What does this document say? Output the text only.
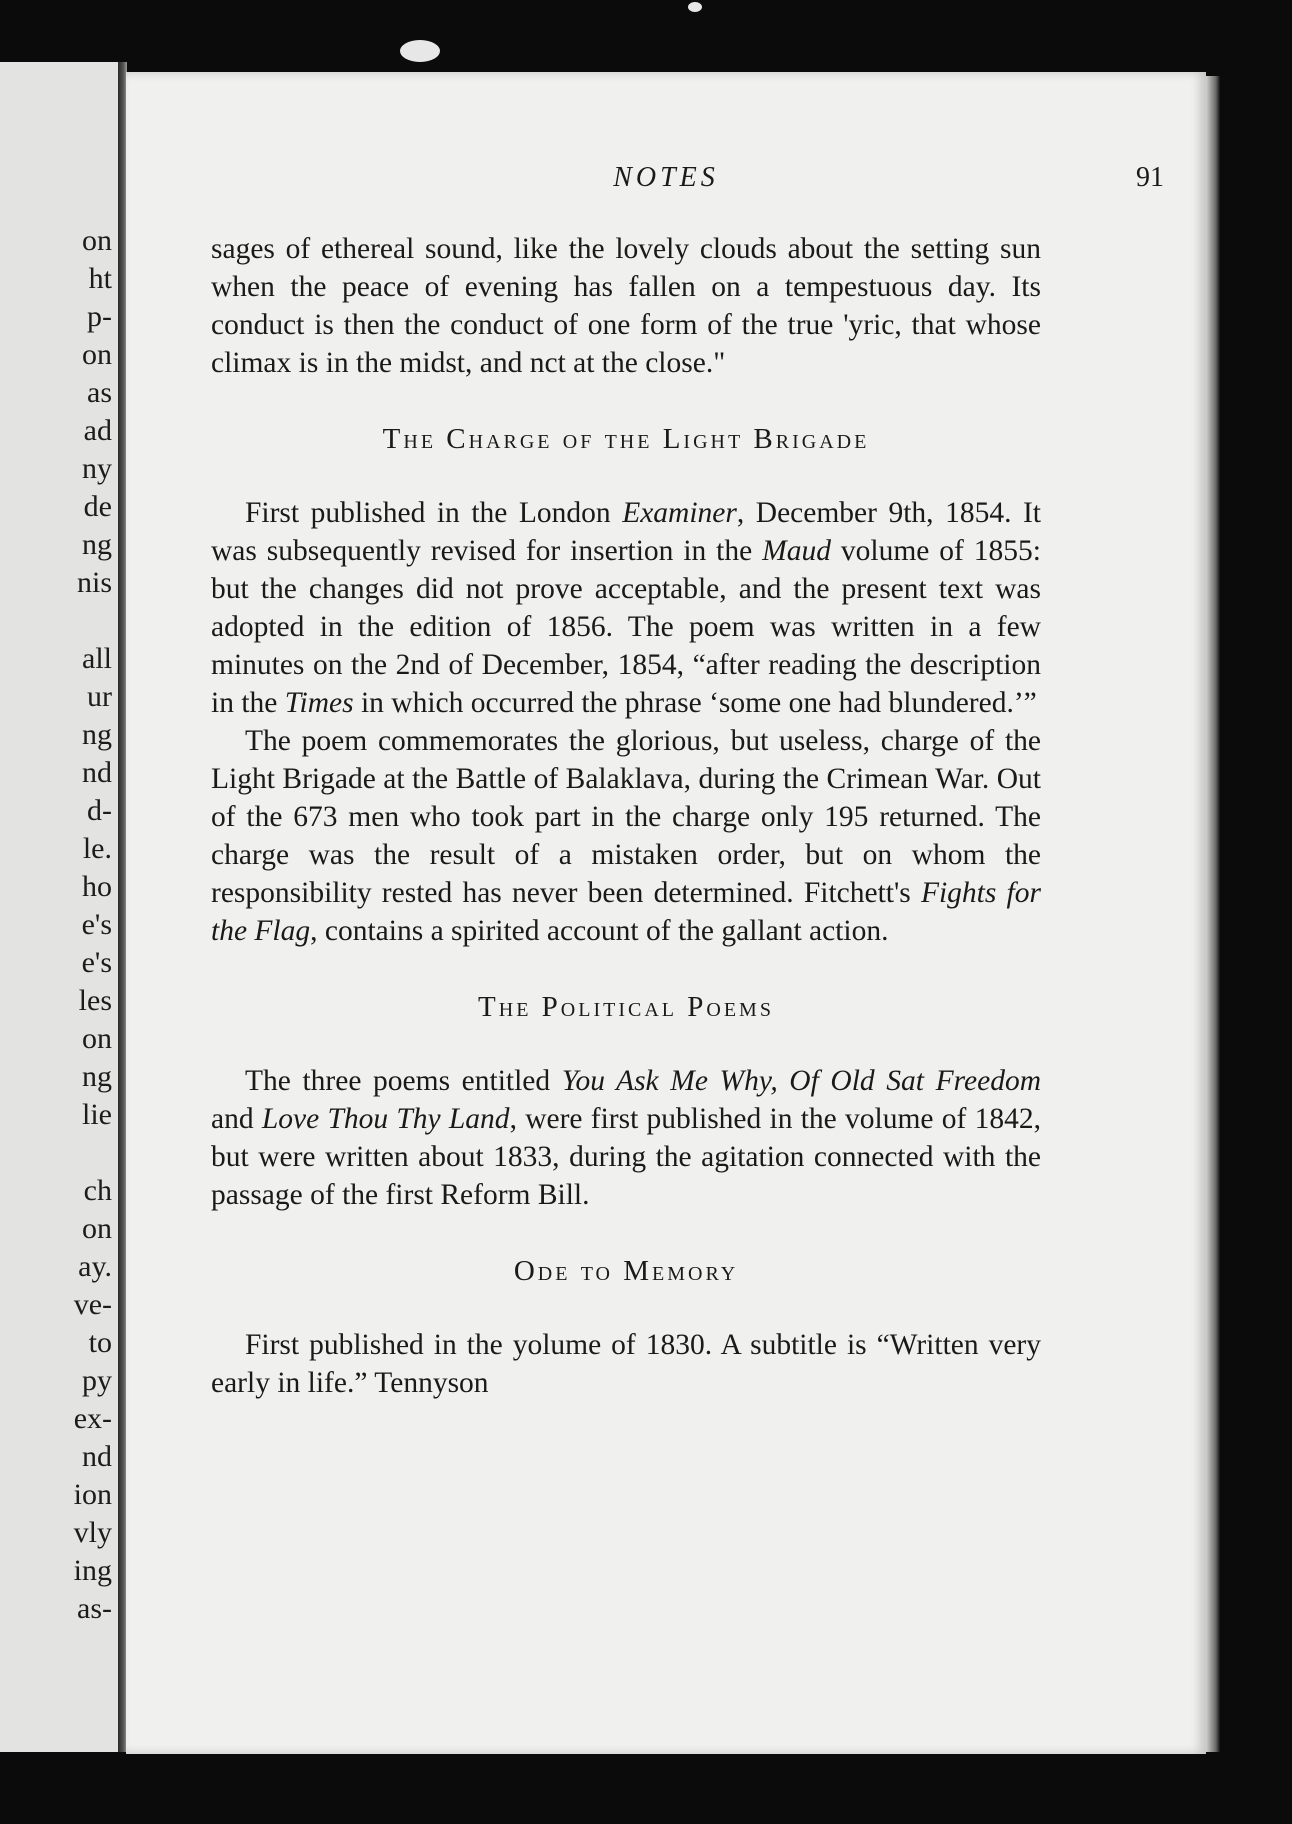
on
ht
p-
on
as
ad
ny
de
ng
nis
all
ur
ng
nd
d-
le.
ho
e's
e's
les
on
ng
lie
ch
on
ay.
ve-
to
py
ex-
nd
ion
vly
ing
as-
NOTES	91

sages of ethereal sound, like the lovely clouds about the setting sun when the peace of evening has fallen on a tempestuous day. Its conduct is then the conduct of one form of the true 'yric, that whose climax is in the midst, and nct at the close."

The Charge of the Light Brigade

First published in the London Examiner, December 9th, 1854. It was subsequently revised for insertion in the Maud volume of 1855: but the changes did not prove acceptable, and the present text was adopted in the edition of 1856. The poem was written in a few minutes on the 2nd of December, 1854, “after reading the description in the Times in which occurred the phrase ‘some one had blundered.’”

The poem commemorates the glorious, but useless, charge of the Light Brigade at the Battle of Balaklava, during the Crimean War. Out of the 673 men who took part in the charge only 195 returned. The charge was the result of a mistaken order, but on whom the responsibility rested has never been determined. Fitchett's Fights for the Flag, contains a spirited account of the gallant action.

The Political Poems

The three poems entitled You Ask Me Why, Of Old Sat Freedom and Love Thou Thy Land, were first published in the volume of 1842, but were written about 1833, during the agitation connected with the passage of the first Reform Bill.

Ode to Memory

First published in the yolume of 1830. A subtitle is “Written very early in life.” Tennyson
